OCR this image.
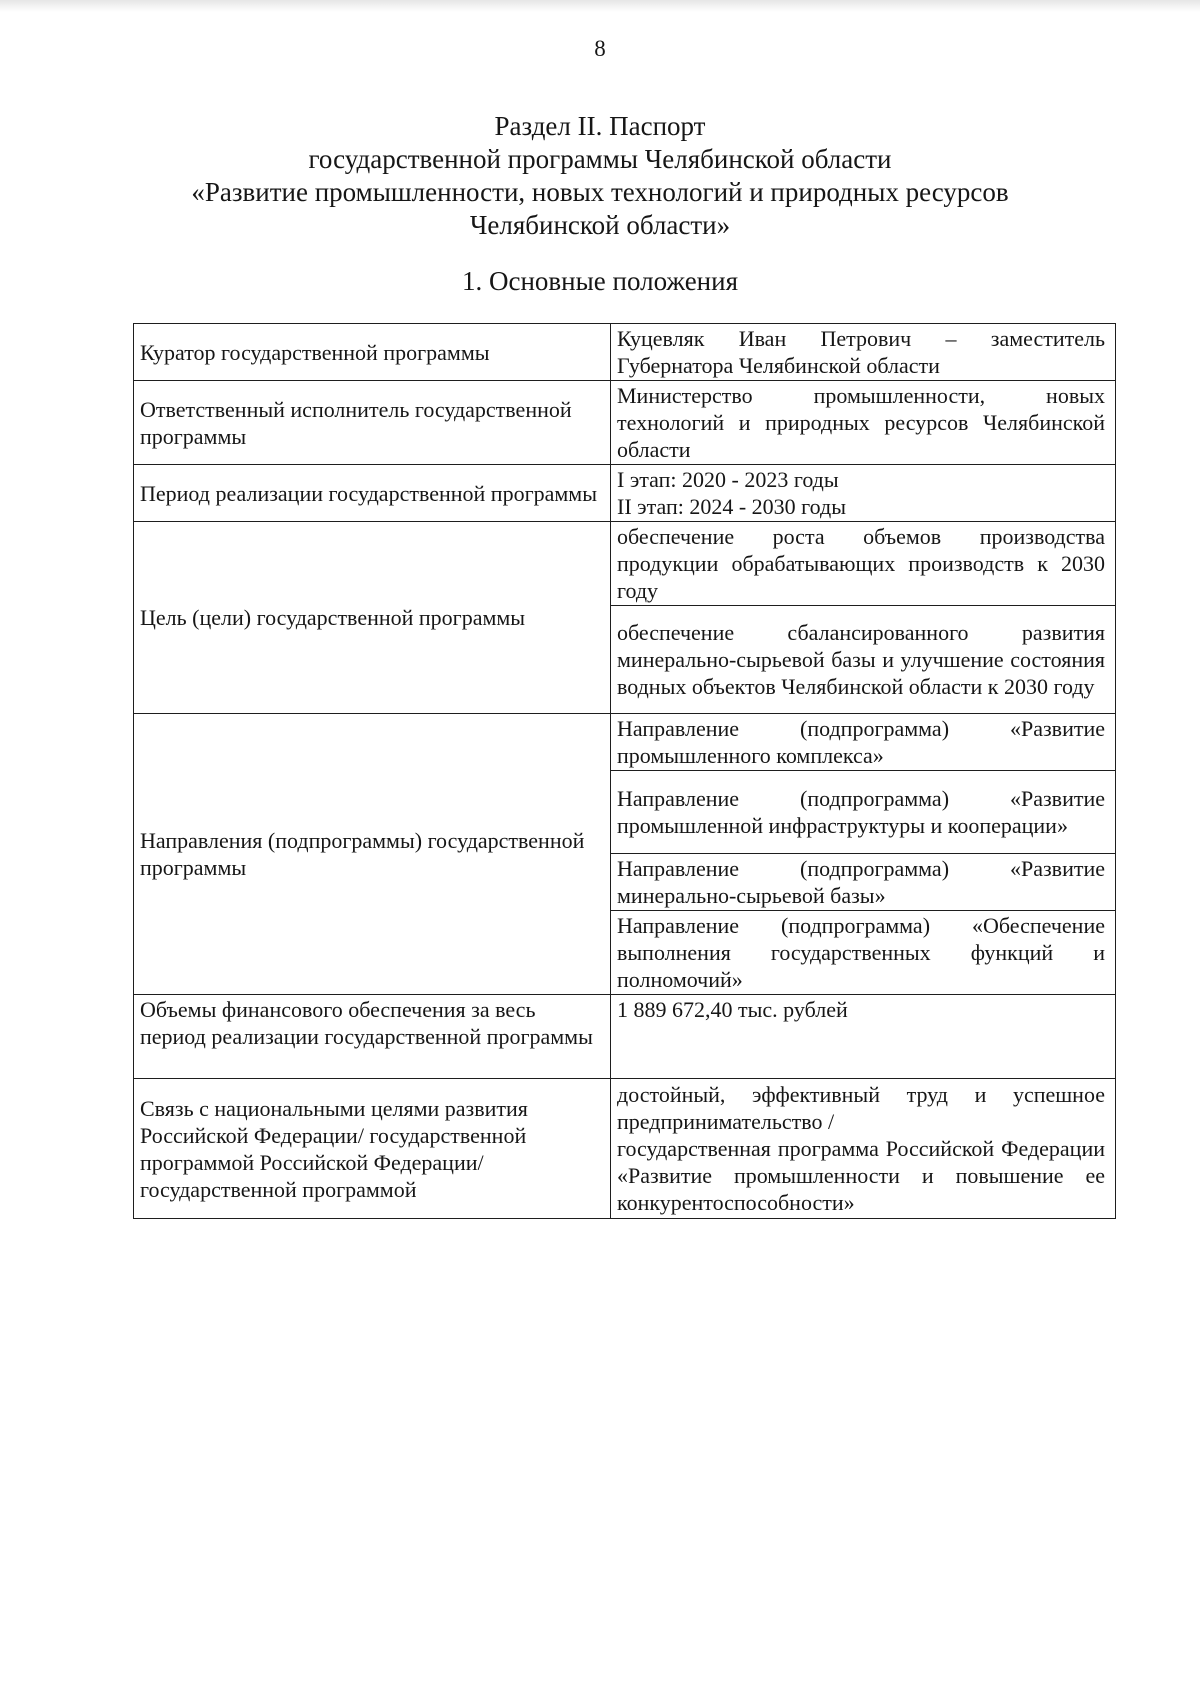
8
Раздел II. Паспорт
государственной программы Челябинской области
«Развитие промышленности, новых технологий и природных ресурсов
Челябинской области»
1. Основные положения
Куратор государственной программы	Куцевляк Иван Петрович – заместитель Губернатора Челябинской области
Ответственный исполнитель государственной программы	Министерство промышленности, новых технологий и природных ресурсов Челябинской области
Период реализации государственной программы	I этап: 2020 - 2023 годы
II этап: 2024 - 2030 годы

Цель (цели) государственной программы	обеспечение роста объемов производства продукции обрабатывающих производств к 2030 году
	обеспечение сбалансированного развития минерально-сырьевой базы и улучшение состояния водных объектов Челябинской области к 2030 году
Направления (подпрограммы) государственной программы	Направление (подпрограмма) «Развитие промышленного комплекса»
	Направление (подпрограмма) «Развитие промышленной инфраструктуры и кооперации»
	Направление (подпрограмма) «Развитие минерально-сырьевой базы»
	Направление (подпрограмма) «Обеспечение выполнения государственных функций и полномочий»
Объемы финансового обеспечения за весь период реализации государственной программы	1 889 672,40 тыс. рублей
Связь с национальными целями развития Российской Федерации/ государственной программой Российской Федерации/государственной программой	достойный, эффективный труд и успешное предпринимательство /
государственная программа Российской Федерации «Развитие промышленности и повышение ее конкурентоспособности»
